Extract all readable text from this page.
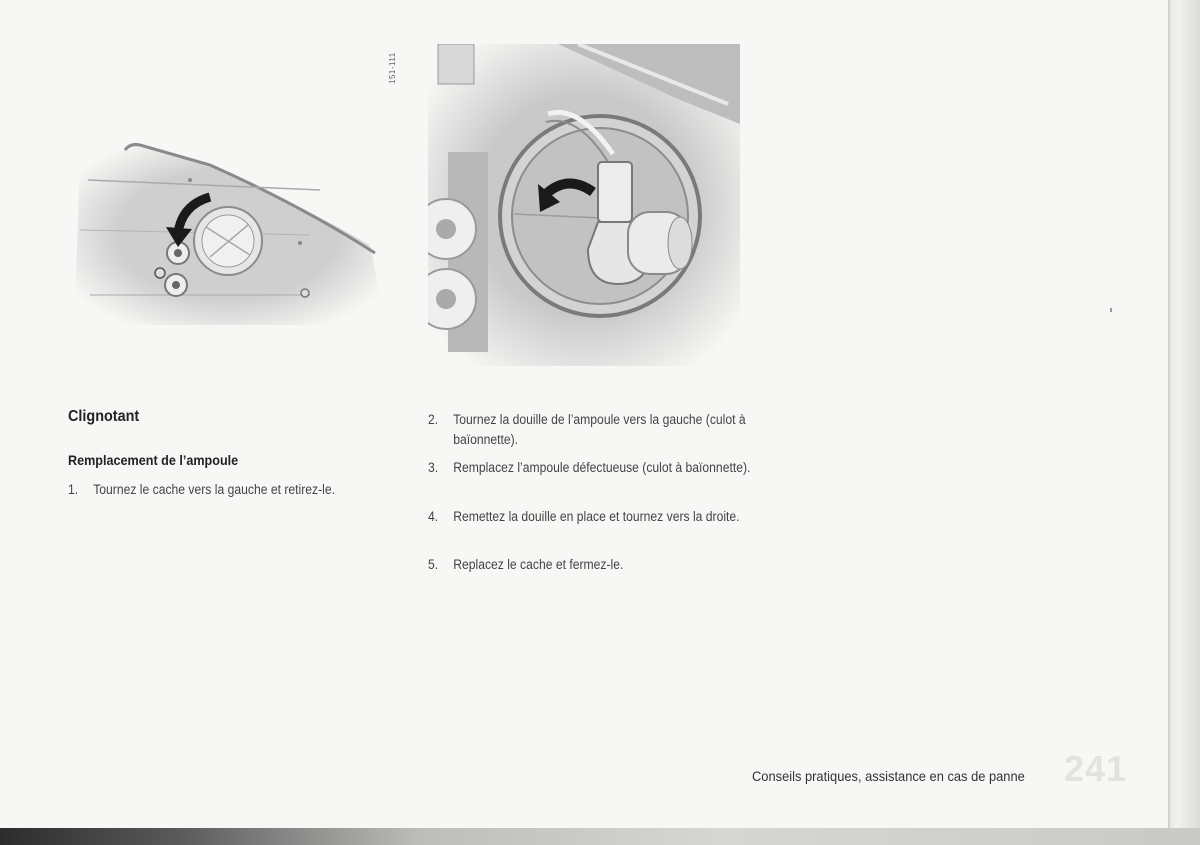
151-111
Clignotant
Remplacement de l’ampoule
1. Tournez le cache vers la gauche et retirez-le.
2. Tournez la douille de l’ampoule vers la gauche (culot à baïonnette).
3. Remplacez l’ampoule défectueuse (culot à baïonnette).
4. Remettez la douille en place et tournez vers la droite.
5. Replacez le cache et fermez-le.
Conseils pratiques, assistance en cas de panne 241
